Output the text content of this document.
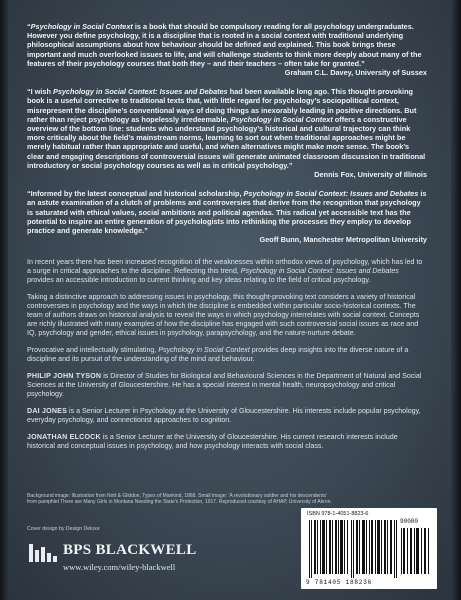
“Psychology in Social Context is a book that should be compulsory reading for all psychology undergraduates. However you define psychology, it is a discipline that is rooted in a social context with traditional underlying philosophical assumptions about how behaviour should be defined and explained. This book brings these important and much overlooked issues to life, and will challenge students to think more deeply about many of the features of their psychology courses that both they – and their teachers – often take for granted.”
Graham C.L. Davey, University of Sussex
“I wish Psychology in Social Context: Issues and Debates had been available long ago. This thought-provoking book is a useful corrective to traditional texts that, with little regard for psychology’s sociopolitical context, misrepresent the discipline’s conventional ways of doing things as inexorably leading in positive directions. But rather than reject psychology as hopelessly irredeemable, Psychology in Social Context offers a constructive overview of the bottom line: students who understand psychology’s historical and cultural trajectory can think more critically about the field’s mainstream norms, learning to sort out when traditional approaches might be merely habitual rather than appropriate and useful, and when alternatives might make more sense. The book’s clear and engaging descriptions of controversial issues will generate animated classroom discussion in traditional introductory or social psychology courses as well as in critical psychology.”
Dennis Fox, University of Illinois
“Informed by the latest conceptual and historical scholarship, Psychology in Social Context: Issues and Debates is an astute examination of a clutch of problems and controversies that derive from the recognition that psychology is saturated with ethical values, social ambitions and political agendas. This radical yet accessible text has the potential to inspire an entire generation of psychologists into rethinking the processes they employ to develop practice and generate knowledge.”
Geoff Bunn, Manchester Metropolitan University

In recent years there has been increased recognition of the weaknesses within orthodox views of psychology, which has led to a surge in critical approaches to the discipline. Reflecting this trend, Psychology in Social Context: Issues and Debates provides an accessible introduction to current thinking and key ideas relating to the field of critical psychology.

Taking a distinctive approach to addressing issues in psychology, this thought-provoking text considers a variety of historical controversies in psychology and the ways in which the discipline is embedded within particular socio-historical contexts. The team of authors draws on historical analysis to reveal the ways in which psychology interrelates with social context. Concepts are richly illustrated with many examples of how the discipline has engaged with such controversial social issues as race and IQ, psychology and gender, ethical issues in psychology, parapsychology, and the nature-nurture debate.

Provocative and intellectually stimulating, Psychology in Social Context provides deep insights into the diverse nature of a discipline and its pursuit of the understanding of the mind and behaviour.

PHILIP JOHN TYSON is Director of Studies for Biological and Behavioural Sciences in the Department of Natural and Social Sciences at the University of Gloucestershire. He has a special interest in mental health, neuropsychology and critical psychology.

DAI JONES is a Senior Lecturer in Psychology at the University of Gloucestershire. His interests include popular psychology, everyday psychology, and connectionist approaches to cognition.

JONATHAN ELCOCK is a Senior Lecturer at the University of Gloucestershire. His current research interests include historical and conceptual issues in psychology, and how psychology interacts with social class.

Background image: Illustration from Nott & Gliddon, Types of Mankind, 1868. Small image: ‘A revolutionary soldier and his descendents’
from pamphlet There are Many Girls in Montana Needing the State’s Protection, 1917. Reproduced courtesy of AHAP, University of Akron.
Cover design by Design Deluxe
BPS BLACKWELL
www.wiley.com/wiley-blackwell
ISBN 978-1-4051-8823-6
90000
9 781405 188236
